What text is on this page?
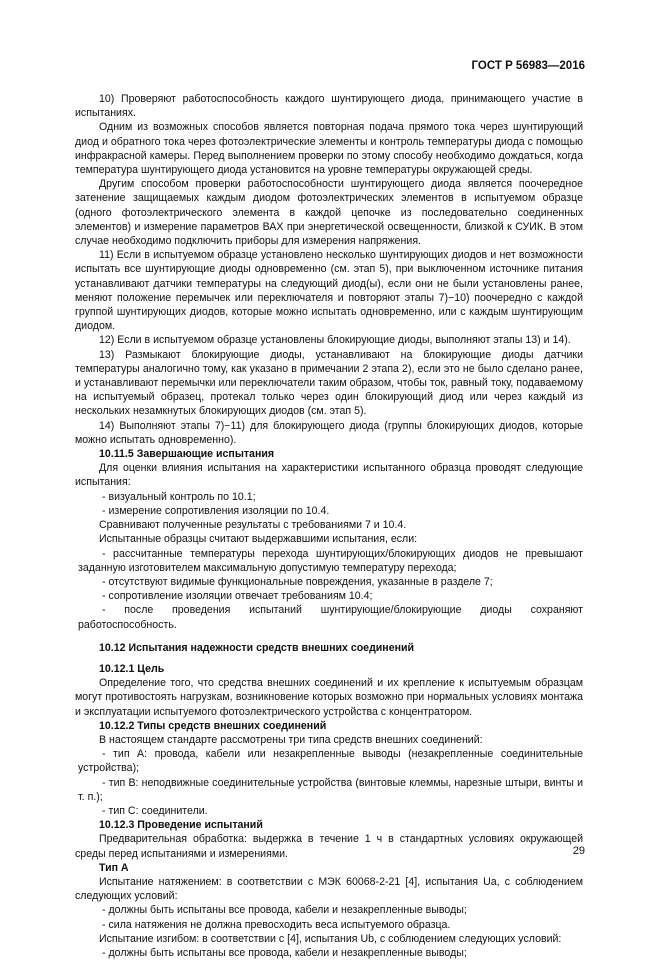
ГОСТ Р 56983—2016

10) Проверяют работоспособность каждого шунтирующего диода, принимающего участие в испытаниях.

Одним из возможных способов является повторная подача прямого тока через шунтирующий диод и обратного тока через фотоэлектрические элементы и контроль температуры диода с помощью инфракрасной камеры. Перед выполнением проверки по этому способу необходимо дождаться, когда температура шунтирующего диода установится на уровне температуры окружающей среды.

Другим способом проверки работоспособности шунтирующего диода является поочередное затенение защищаемых каждым диодом фотоэлектрических элементов в испытуемом образце (одного фотоэлектрического элемента в каждой цепочке из последовательно соединенных элементов) и измерение параметров ВАХ при энергетической освещенности, близкой к СУИК. В этом случае необходимо подключить приборы для измерения напряжения.

11) Если в испытуемом образце установлено несколько шунтирующих диодов и нет возможности испытать все шунтирующие диоды одновременно (см. этап 5), при выключенном источнике питания устанавливают датчики температуры на следующий диод(ы), если они не были установлены ранее, меняют положение перемычек или переключателя и повторяют этапы 7)−10) поочередно с каждой группой шунтирующих диодов, которые можно испытать одновременно, или с каждым шунтирующим диодом.

12) Если в испытуемом образце установлены блокирующие диоды, выполняют этапы 13) и 14).

13) Размыкают блокирующие диоды, устанавливают на блокирующие диоды датчики температуры аналогично тому, как указано в примечании 2 этапа 2), если это не было сделано ранее, и устанавливают перемычки или переключатели таким образом, чтобы ток, равный току, подаваемому на испытуемый образец, протекал только через один блокирующий диод или через каждый из нескольких незамкнутых блокирующих диодов (см. этап 5).

14) Выполняют этапы 7)−11) для блокирующего диода (группы блокирующих диодов, которые можно испытать одновременно).

10.11.5 Завершающие испытания

Для оценки влияния испытания на характеристики испытанного образца проводят следующие испытания:

- визуальный контроль по 10.1;

- измерение сопротивления изоляции по 10.4.

Сравнивают полученные результаты с требованиями 7 и 10.4.

Испытанные образцы считают выдержавшими испытания, если:

- рассчитанные температуры перехода шунтирующих/блокирующих диодов не превышают заданную изготовителем максимальную допустимую температуру перехода;

- отсутствуют видимые функциональные повреждения, указанные в разделе 7;

- сопротивление изоляции отвечает требованиям 10.4;

- после проведения испытаний шунтирующие/блокирующие диоды сохраняют работоспособность.

10.12 Испытания надежности средств внешних соединений

10.12.1 Цель

Определение того, что средства внешних соединений и их крепление к испытуемым образцам могут противостоять нагрузкам, возникновение которых возможно при нормальных условиях монтажа и эксплуатации испытуемого фотоэлектрического устройства с концентратором.

10.12.2 Типы средств внешних соединений

В настоящем стандарте рассмотрены три типа средств внешних соединений:

- тип А: провода, кабели или незакрепленные выводы (незакрепленные соединительные устройства);

- тип В: неподвижные соединительные устройства (винтовые клеммы, нарезные штыри, винты и т. п.);

- тип С: соединители.

10.12.3 Проведение испытаний

Предварительная обработка: выдержка в течение 1 ч в стандартных условиях окружающей среды перед испытаниями и измерениями.

Тип А

Испытание натяжением: в соответствии с МЭК 60068-2-21 [4], испытания Ua, с соблюдением следующих условий:

- должны быть испытаны все провода, кабели и незакрепленные выводы;

- сила натяжения не должна превосходить веса испытуемого образца.

Испытание изгибом: в соответствии с [4], испытания Ub, с соблюдением следующих условий:

- должны быть испытаны все провода, кабели и незакрепленные выводы;

29
